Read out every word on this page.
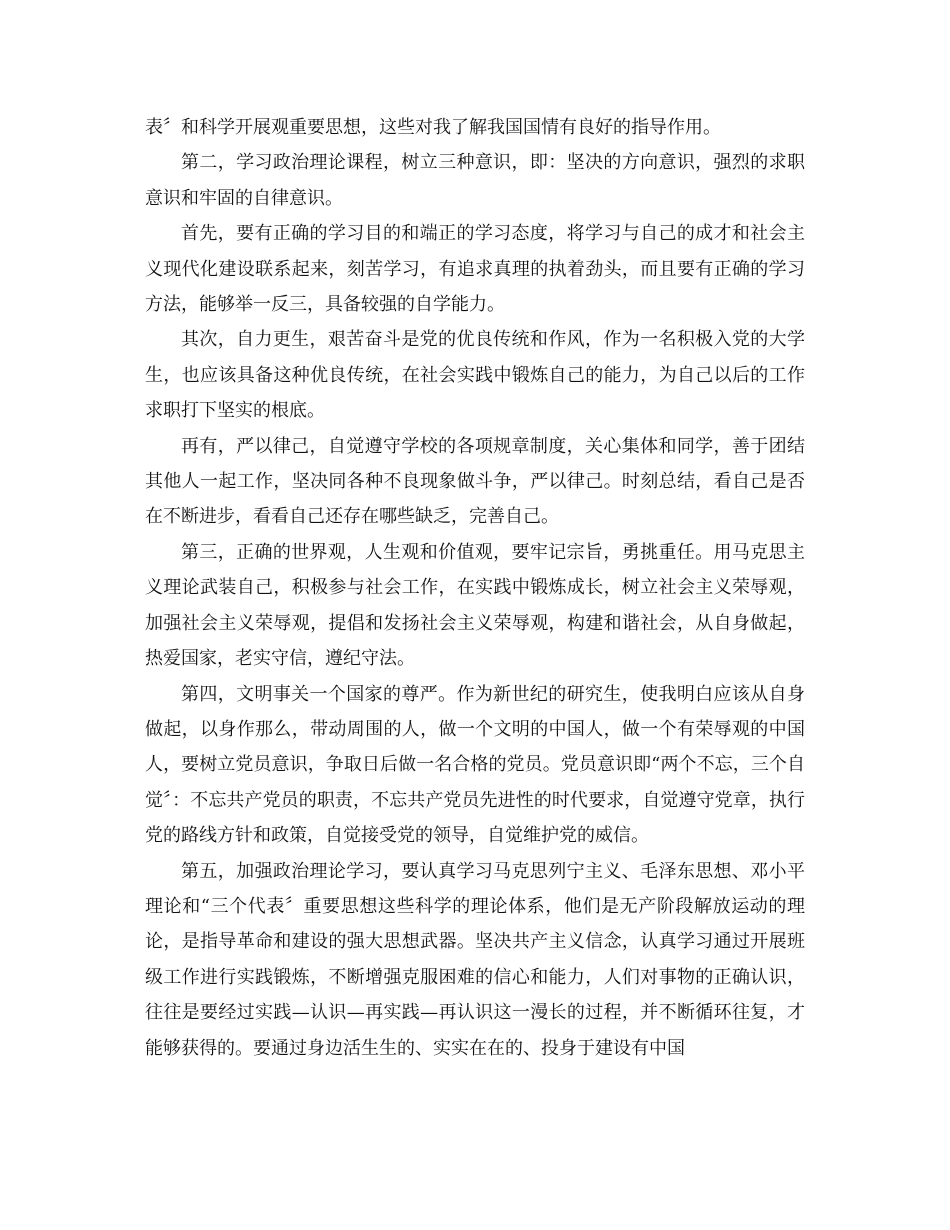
表〞和科学开展观重要思想，这些对我了解我国国情有良好的指导作用。

第二，学习政治理论课程，树立三种意识，即：坚决的方向意识，强烈的求职意识和牢固的自律意识。

首先，要有正确的学习目的和端正的学习态度，将学习与自己的成才和社会主义现代化建设联系起来，刻苦学习，有追求真理的执着劲头，而且要有正确的学习方法，能够举一反三，具备较强的自学能力。

其次，自力更生，艰苦奋斗是党的优良传统和作风，作为一名积极入党的大学生，也应该具备这种优良传统，在社会实践中锻炼自己的能力，为自己以后的工作求职打下坚实的根底。

再有，严以律己，自觉遵守学校的各项规章制度，关心集体和同学，善于团结其他人一起工作，坚决同各种不良现象做斗争，严以律己。时刻总结，看自己是否在不断进步，看看自己还存在哪些缺乏，完善自己。

第三，正确的世界观，人生观和价值观，要牢记宗旨，勇挑重任。用马克思主义理论武装自己，积极参与社会工作，在实践中锻炼成长，树立社会主义荣辱观，加强社会主义荣辱观，提倡和发扬社会主义荣辱观，构建和谐社会，从自身做起，热爱国家，老实守信，遵纪守法。

第四，文明事关一个国家的尊严。作为新世纪的研究生，使我明白应该从自身做起，以身作那么，带动周围的人，做一个文明的中国人，做一个有荣辱观的中国人，要树立党员意识，争取日后做一名合格的党员。党员意识即“两个不忘，三个自觉〞：不忘共产党员的职责，不忘共产党员先进性的时代要求，自觉遵守党章，执行党的路线方针和政策，自觉接受党的领导，自觉维护党的威信。

第五，加强政治理论学习，要认真学习马克思列宁主义、毛泽东思想、邓小平理论和“三个代表〞重要思想这些科学的理论体系，他们是无产阶段解放运动的理论，是指导革命和建设的强大思想武器。坚决共产主义信念，认真学习通过开展班级工作进行实践锻炼，不断增强克服困难的信心和能力，人们对事物的正确认识，往往是要经过实践—认识—再实践—再认识这一漫长的过程，并不断循环往复，才能够获得的。要通过身边活生生的、实实在在的、投身于建设有中国
